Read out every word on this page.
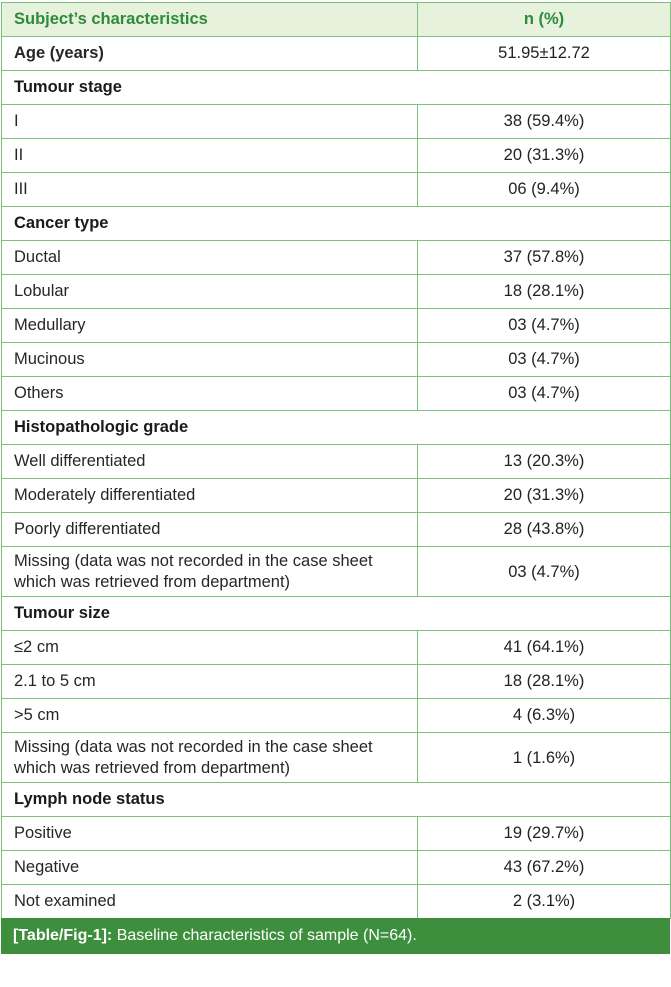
Subject’s characteristics	n (%)
Age (years)	51.95±12.72
Tumour stage	
I	38 (59.4%)
II	20 (31.3%)
III	06 (9.4%)
Cancer type	
Ductal	37 (57.8%)
Lobular	18 (28.1%)
Medullary	03 (4.7%)
Mucinous	03 (4.7%)
Others	03 (4.7%)
Histopathologic grade	
Well differentiated	13 (20.3%)
Moderately differentiated	20 (31.3%)
Poorly differentiated	28 (43.8%)
Missing (data was not recorded in the case sheet which was retrieved from department)	03 (4.7%)
Tumour size	
≤2 cm	41 (64.1%)
2.1 to 5 cm	18 (28.1%)
>5 cm	4 (6.3%)
Missing (data was not recorded in the case sheet which was retrieved from department)	1 (1.6%)
Lymph node status	
Positive	19 (29.7%)
Negative	43 (67.2%)
Not examined	2 (3.1%)
[Table/Fig-1]: Baseline characteristics of sample (N=64).
